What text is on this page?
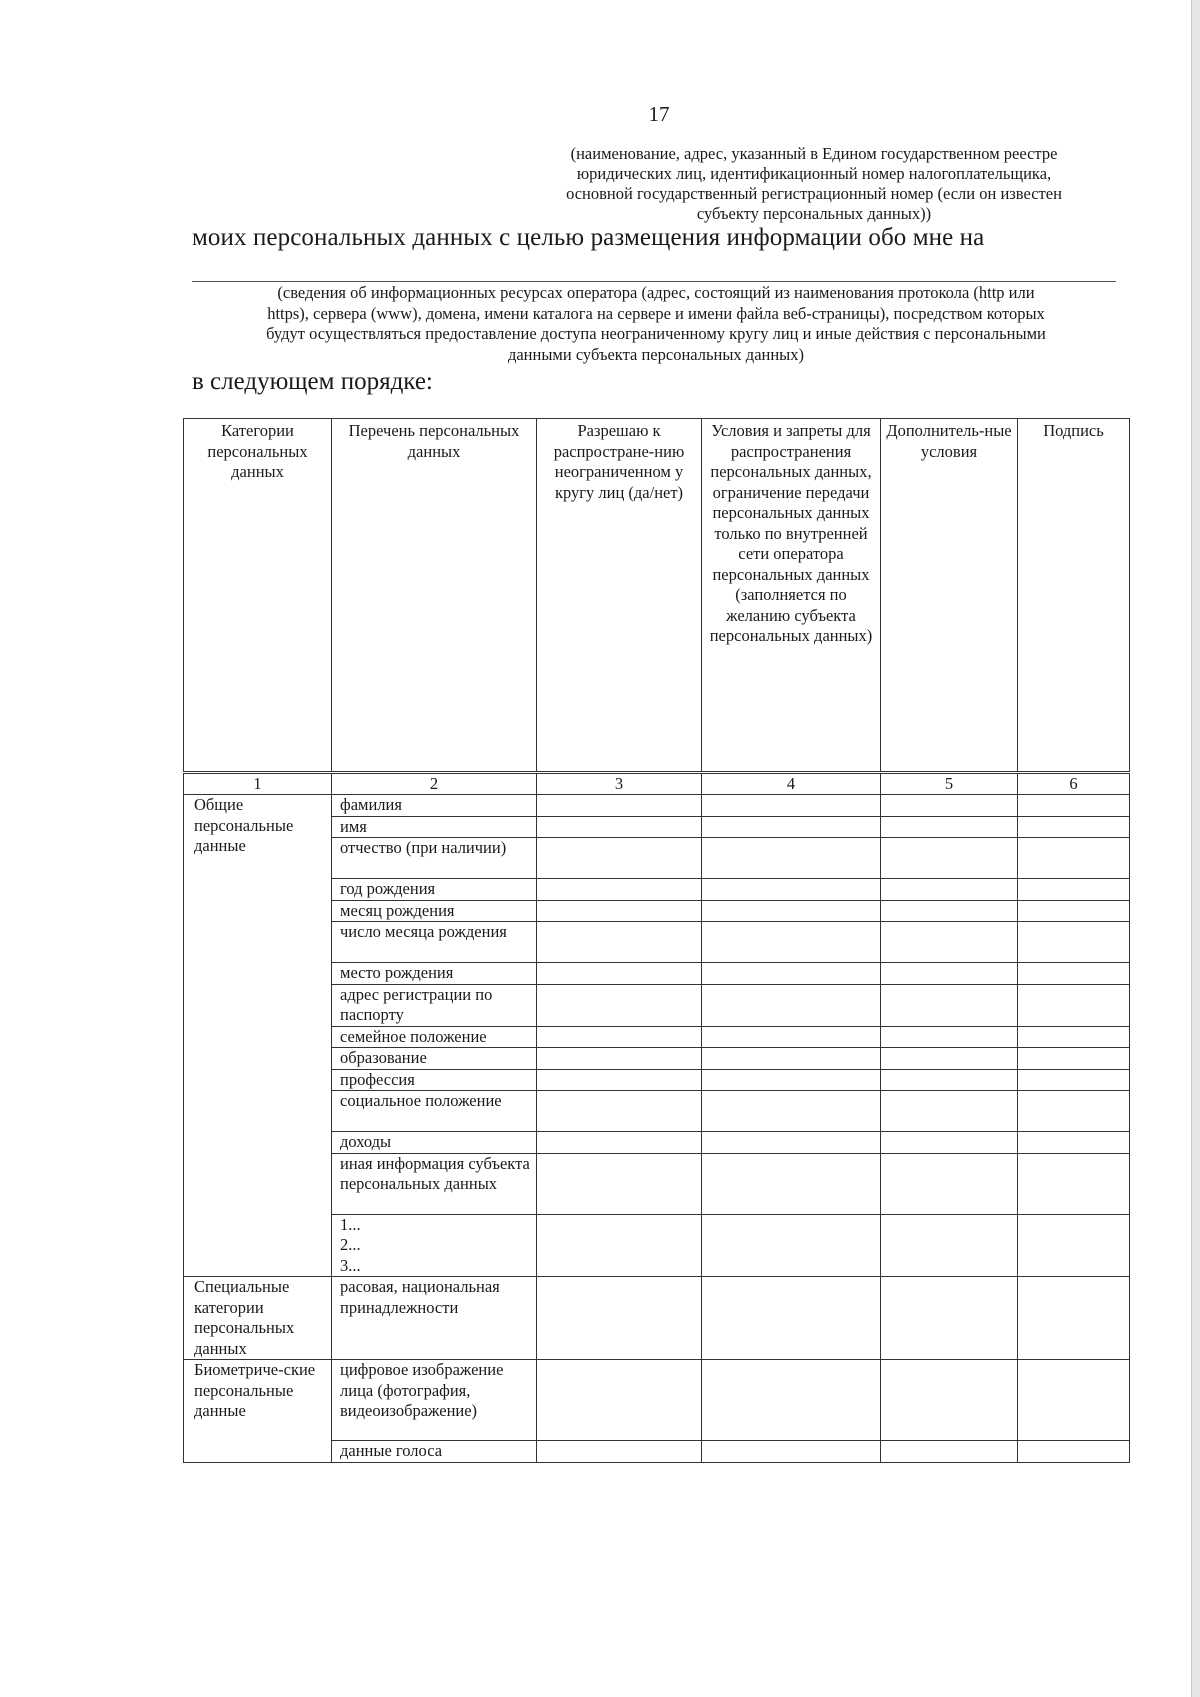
17
(наименование, адрес, указанный в Едином государственном реестре
юридических лиц, идентификационный номер налогоплательщика,
основной государственный регистрационный номер (если он известен
субъекту персональных данных))
моих персональных данных с целью размещения информации обо мне на
(сведения об информационных ресурсах оператора (адрес, состоящий из наименования протокола (http или
https), сервера (www), домена, имени каталога на сервере и имени файла веб-страницы), посредством которых
будут осуществляться предоставление доступа неограниченному кругу лиц и иные действия с персональными
данными субъекта персональных данных)
в следующем порядке:
Категории персональных данных	Перечень персональных данных	Разрешаю к распростране-нию неограниченном у кругу лиц (да/нет)	Условия и запреты для распространения персональных данных, ограничение передачи персональных данных только по внутренней сети оператора персональных данных (заполняется по желанию субъекта персональных данных)	Дополнитель-ные условия	Подпись
1	2	3	4	5	6
Общие персональные данные	фамилия				
	имя				
	отчество (при наличии)				
	год рождения				
	месяц рождения				
	число месяца рождения				
	место рождения				
	адрес регистрации по паспорту				
	семейное положение				
	образование				
	профессия				
	социальное положение				
	доходы				
	иная информация субъекта персональных данных				

	1...
2...
3...				

Специальные категории персональных данных	расовая, национальная принадлежности				
Биометриче-ские персональные данные	цифровое изображение лица (фотография, видеоизображение)				
	данные голоса				
